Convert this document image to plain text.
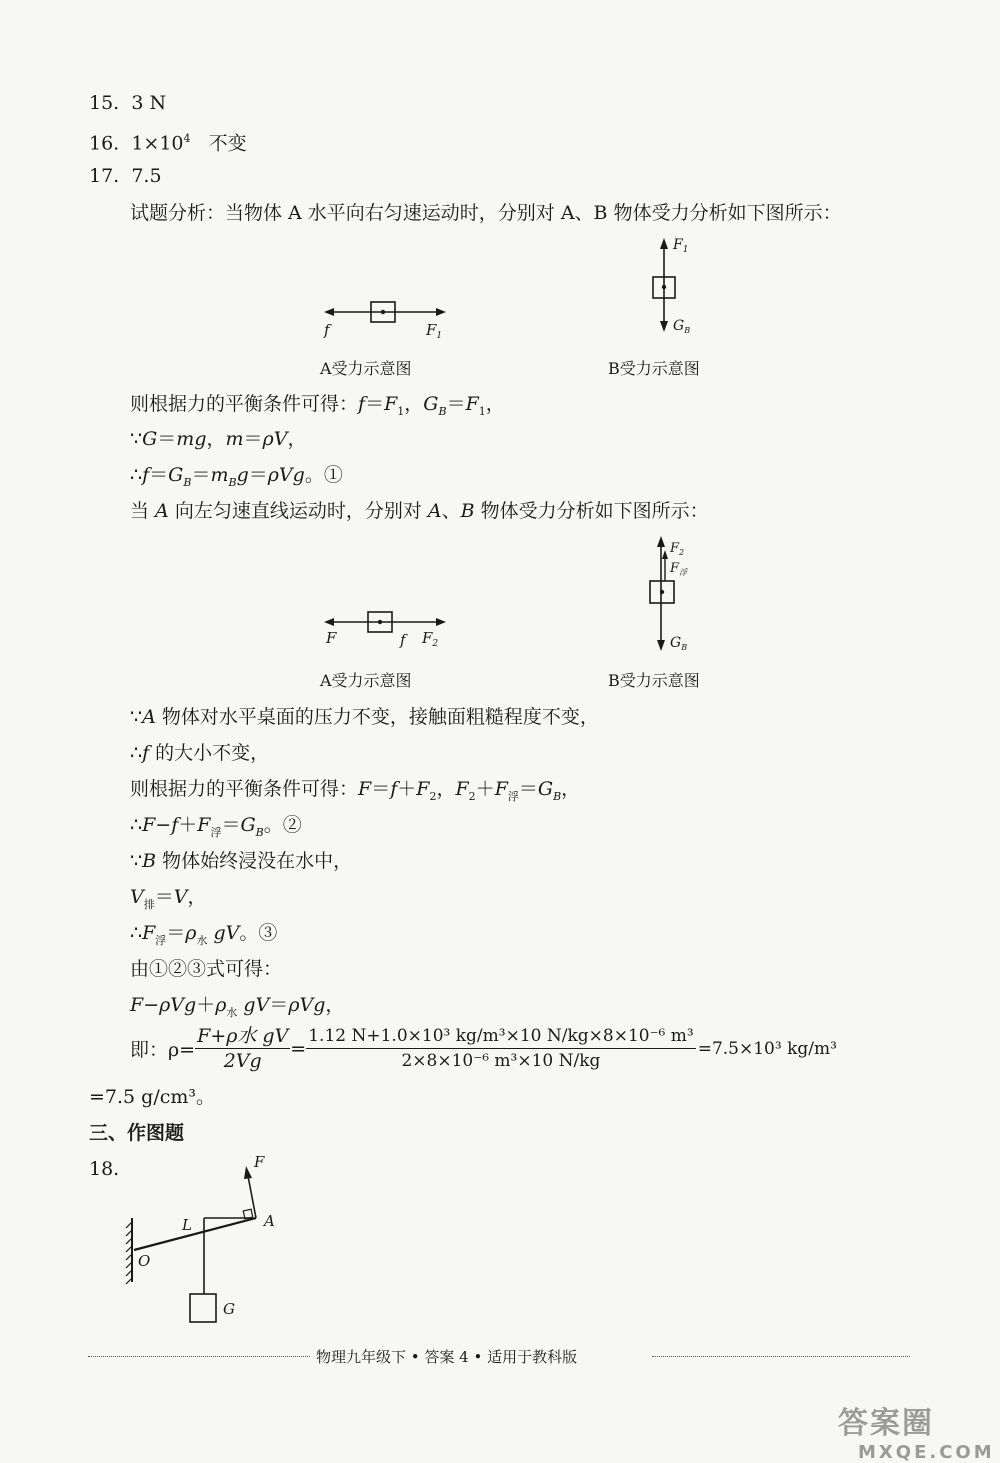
15. 3 N
16. $1\times 10^4$ 不变
17. 7.5
试题分析：当物体 A 水平向右匀速运动时，分别对 A、B 物体受力分析如下图所示：
f	$F_1$
A受力示意图
$F_1$
$G_B$
B受力示意图
则根据力的平衡条件可得：$f=F_1$，$G_B=F_1$，
∵G＝mg，m＝ρV，
$\therefore f=G_B=m_Bg=\rho Vg$。①
当 A 向左匀速直线运动时，分别对 A、B 物体受力分析如下图所示：
F	f $F_2$
A受力示意图
$F_2$
$F_浮$
$G_B$
B受力示意图
∵A 物体对水平桌面的压力不变，接触面粗糙程度不变，
∴f 的大小不变，
则根据力的平衡条件可得：$F=f+F_2$，$F_2+F_浮=G_B$，
$\therefore F-f+F_浮=G_B$。②
∵B 物体始终浸没在水中，
$V_排=V$，
$\therefore F_浮=\rho_水$ gV。③
由①②③式可得：
$F-\rho Vg+\rho_水$ gV＝ρVg，
即：$\rho= \frac{\text{F+ρ水 gV}}{2Vg} = \frac{\text{1.12 N+1.0×10³ kg/m³×10 N/kg×8×10⁻⁶ m³}}{\text{2×8×10⁻⁶ m³×10 N/kg}} =7.5\times 10^3$ kg/m³
=7.5 g/cm³。
三、作图题
18.	F
L	A
O
G
物理九年级下 • 答案 4 • 适用于教科版
答案圈
MXQE.COM
